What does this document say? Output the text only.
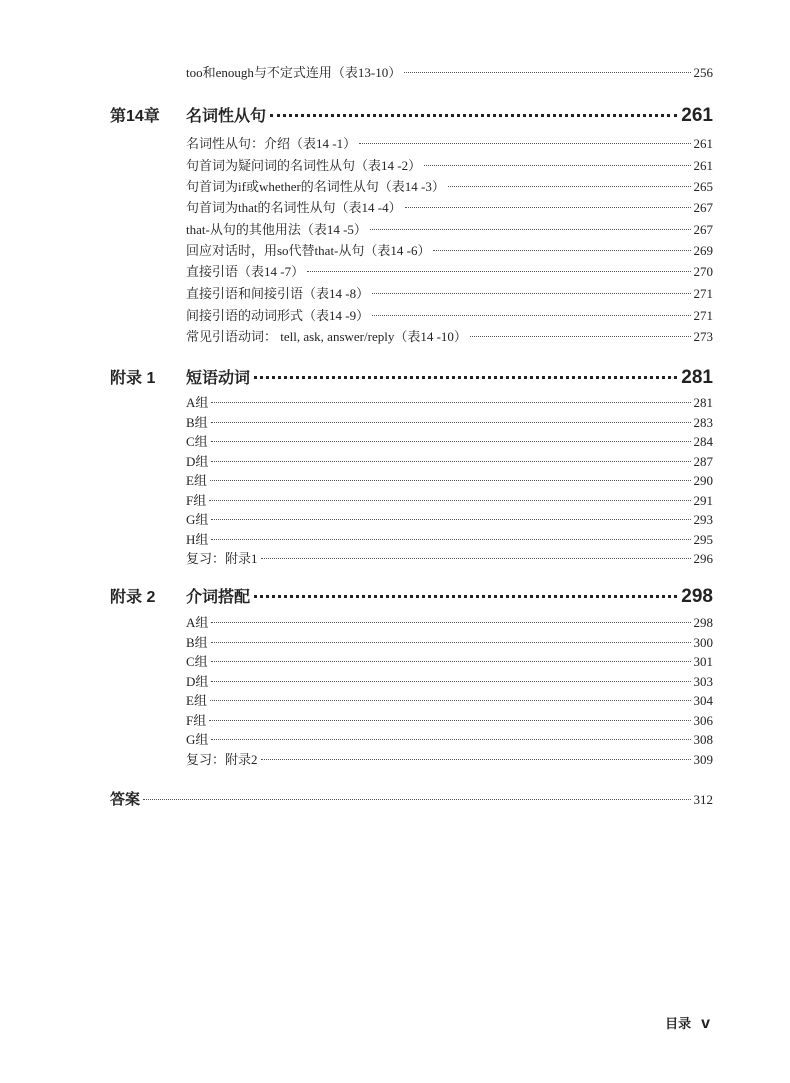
too和enough与不定式连用（表13-10）	256
第14章	名词性从句	261
名词性从句：介绍（表14 -1）	261
句首词为疑问词的名词性从句（表14 -2）	261
句首词为if或whether的名词性从句（表14 -3）	265
句首词为that的名词性从句（表14 -4）	267
that-从句的其他用法（表14 -5）	267
回应对话时，用so代替that-从句（表14 -6）	269
直接引语（表14 -7）	270
直接引语和间接引语（表14 -8）	271
间接引语的动词形式（表14 -9）	271
常见引语动词： tell, ask, answer/reply（表14 -10）	273
附录 1	短语动词	281
A组	281
B组	283
C组	284
D组	287
E组	290
F组	291
G组	293
H组	295
复习：附录1	296
附录 2	介词搭配	298
A组	298
B组	300
C组	301
D组	303
E组	304
F组	306
G组	308
复习：附录2	309
答案	312
目录 v
